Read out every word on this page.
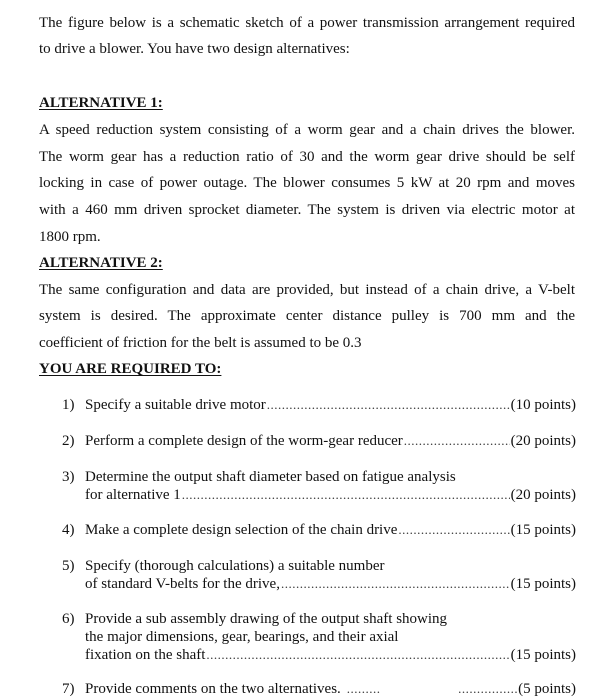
The figure below is a schematic sketch of a power transmission arrangement required
to drive a blower. You have two design alternatives:
ALTERNATIVE 1:
A speed reduction system consisting of a worm gear and a chain drives the blower.
The worm gear has a reduction ratio of 30 and the worm gear drive should be self
locking in case of power outage. The blower consumes 5 kW at 20 rpm and moves
with a 460 mm driven sprocket diameter. The system is driven via electric motor at
1800 rpm.
ALTERNATIVE 2:
The same configuration and data are provided, but instead of a chain drive, a V-belt
system is desired. The approximate center distance pulley is 700 mm and the
coefficient of friction for the belt is assumed to be 0.3
YOU ARE REQUIRED TO:
1) Specify a suitable drive motor .....	(10 points)
2) Perform a complete design of the worm-gear reducer .....	(20 points)
3) Determine the output shaft diameter based on fatigue analysis
for alternative 1 .....	(20 points)
4) Make a complete design selection of the chain drive .....	(15 points)
5) Specify (thorough calculations) a suitable number
of standard V-belts for the drive, .....	(15 points)
6) Provide a sub assembly drawing of the output shaft showing
the major dimensions, gear, bearings, and their axial
fixation on the shaft .....	(15 points)
7) Provide comments on the two alternatives. .........	................ (5 points)
